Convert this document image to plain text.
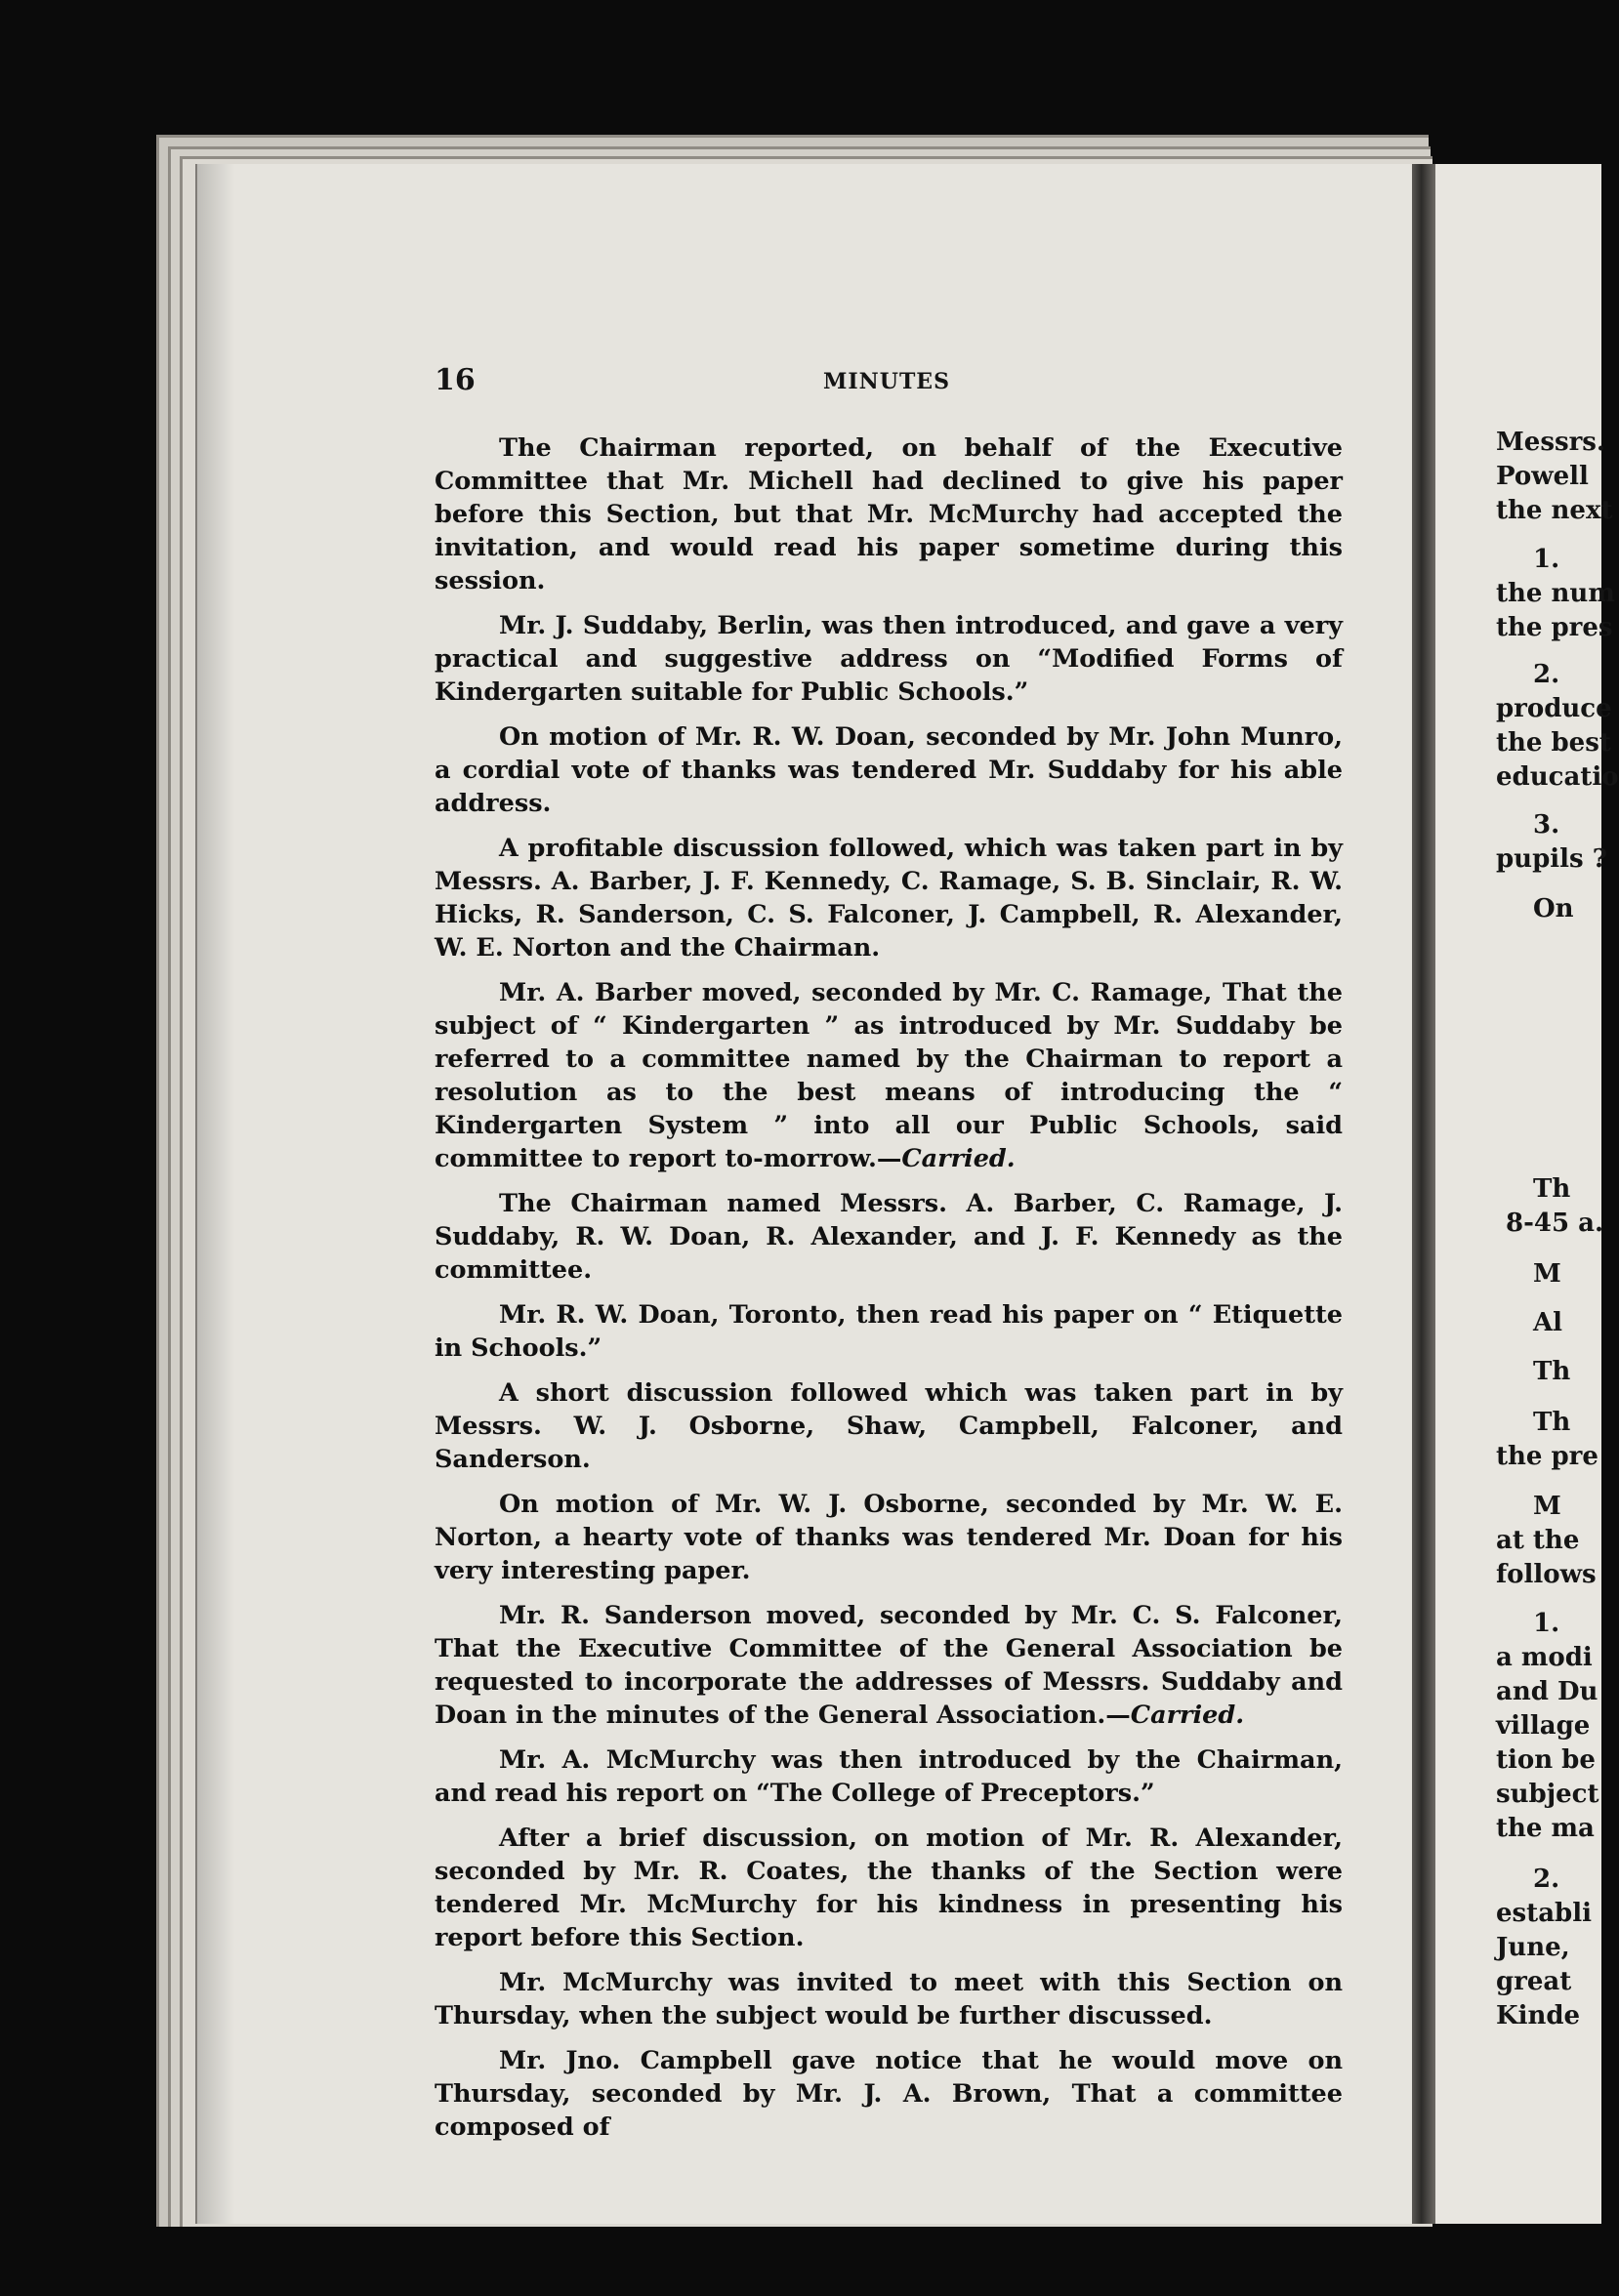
Messrs.
Powell
the next
1.
the num
the pres
2.
produce
the best
educatio
3.
pupils ?
On
Th
8-45 a.
M
Al
Th
Th
the pre
M
at the
follows
1.
a modi
and Du
village
tion be
subject
the ma
2.
establi
June,
great
Kinde
16	MINUTES

The Chairman reported, on behalf of the Executive Committee that Mr. Michell had declined to give his paper before this Section, but that Mr. McMurchy had accepted the invitation, and would read his paper sometime during this session.

Mr. J. Suddaby, Berlin, was then introduced, and gave a very practical and suggestive address on “Modified Forms of Kindergarten suitable for Public Schools.”

On motion of Mr. R. W. Doan, seconded by Mr. John Munro, a cordial vote of thanks was tendered Mr. Suddaby for his able address.

A profitable discussion followed, which was taken part in by Messrs. A. Barber, J. F. Kennedy, C. Ramage, S. B. Sinclair, R. W. Hicks, R. Sanderson, C. S. Falconer, J. Campbell, R. Alexander, W. E. Norton and the Chairman.

Mr. A. Barber moved, seconded by Mr. C. Ramage, That the subject of “ Kindergarten ” as introduced by Mr. Suddaby be referred to a committee named by the Chairman to report a resolution as to the best means of introducing the “ Kindergarten System ” into all our Public Schools, said committee to report to-morrow.—Carried.

The Chairman named Messrs. A. Barber, C. Ramage, J. Suddaby, R. W. Doan, R. Alexander, and J. F. Kennedy as the committee.

Mr. R. W. Doan, Toronto, then read his paper on “ Etiquette in Schools.”

A short discussion followed which was taken part in by Messrs. W. J. Osborne, Shaw, Campbell, Falconer, and Sanderson.

On motion of Mr. W. J. Osborne, seconded by Mr. W. E. Norton, a hearty vote of thanks was tendered Mr. Doan for his very interesting paper.

Mr. R. Sanderson moved, seconded by Mr. C. S. Falconer, That the Executive Committee of the General Association be requested to incorporate the addresses of Messrs. Suddaby and Doan in the minutes of the General Association.—Carried.

Mr. A. McMurchy was then introduced by the Chairman, and read his report on “The College of Preceptors.”

After a brief discussion, on motion of Mr. R. Alexander, seconded by Mr. R. Coates, the thanks of the Section were tendered Mr. McMurchy for his kindness in presenting his report before this Section.

Mr. McMurchy was invited to meet with this Section on Thursday, when the subject would be further discussed.

Mr. Jno. Campbell gave notice that he would move on Thursday, seconded by Mr. J. A. Brown, That a committee composed of
